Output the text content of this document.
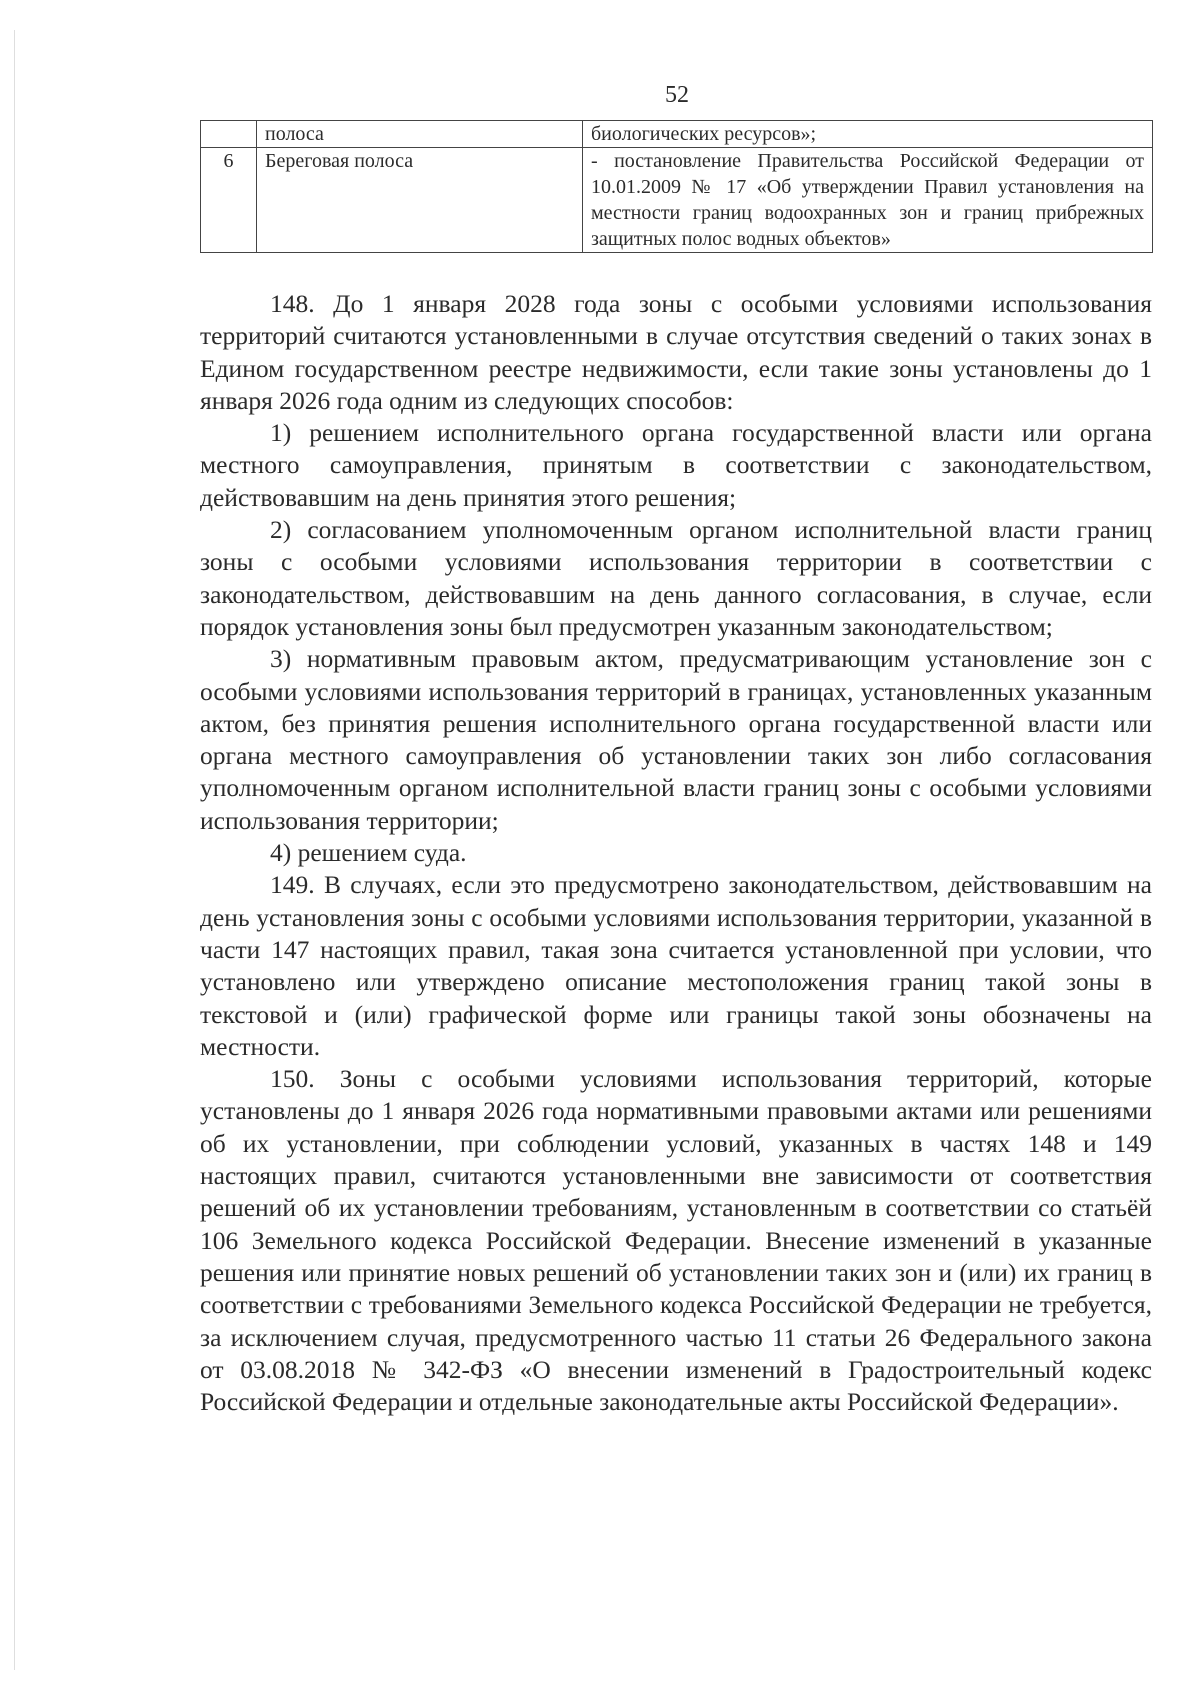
52
	полоса	биологических ресурсов»;
6	Береговая полоса	- постановление Правительства Российской Федерации от 10.01.2009 № 17 «Об утверждении Правил установления на местности границ водоохранных зон и границ прибрежных защитных полос водных объектов»

148. До 1 января 2028 года зоны с особыми условиями использования территорий считаются установленными в случае отсутствия сведений о таких зонах в Едином государственном реестре недвижимости, если такие зоны установлены до 1 января 2026 года одним из следующих способов:

1) решением исполнительного органа государственной власти или органа местного самоуправления, принятым в соответствии с законодательством, действовавшим на день принятия этого решения;

2) согласованием уполномоченным органом исполнительной власти границ зоны с особыми условиями использования территории в соответствии с законодательством, действовавшим на день данного согласования, в случае, если порядок установления зоны был предусмотрен указанным законодательством;

3) нормативным правовым актом, предусматривающим установление зон с особыми условиями использования территорий в границах, установленных указанным актом, без принятия решения исполнительного органа государственной власти или органа местного самоуправления об установлении таких зон либо согласования уполномоченным органом исполнительной власти границ зоны с особыми условиями использования территории;

4) решением суда.

149. В случаях, если это предусмотрено законодательством, действовавшим на день установления зоны с особыми условиями использования территории, указанной в части 147 настоящих правил, такая зона считается установленной при условии, что установлено или утверждено описание местоположения границ такой зоны в текстовой и (или) графической форме или границы такой зоны обозначены на местности.

150. Зоны с особыми условиями использования территорий, которые установлены до 1 января 2026 года нормативными правовыми актами или решениями об их установлении, при соблюдении условий, указанных в частях 148 и 149 настоящих правил, считаются установленными вне зависимости от соответствия решений об их установлении требованиям, установленным в соответствии со статьёй 106 Земельного кодекса Российской Федерации. Внесение изменений в указанные решения или принятие новых решений об установлении таких зон и (или) их границ в соответствии с требованиями Земельного кодекса Российской Федерации не требуется, за исключением случая, предусмотренного частью 11 статьи 26 Федерального закона от 03.08.2018 № 342-ФЗ «О внесении изменений в Градостроительный кодекс Российской Федерации и отдельные законодательные акты Российской Федерации».
